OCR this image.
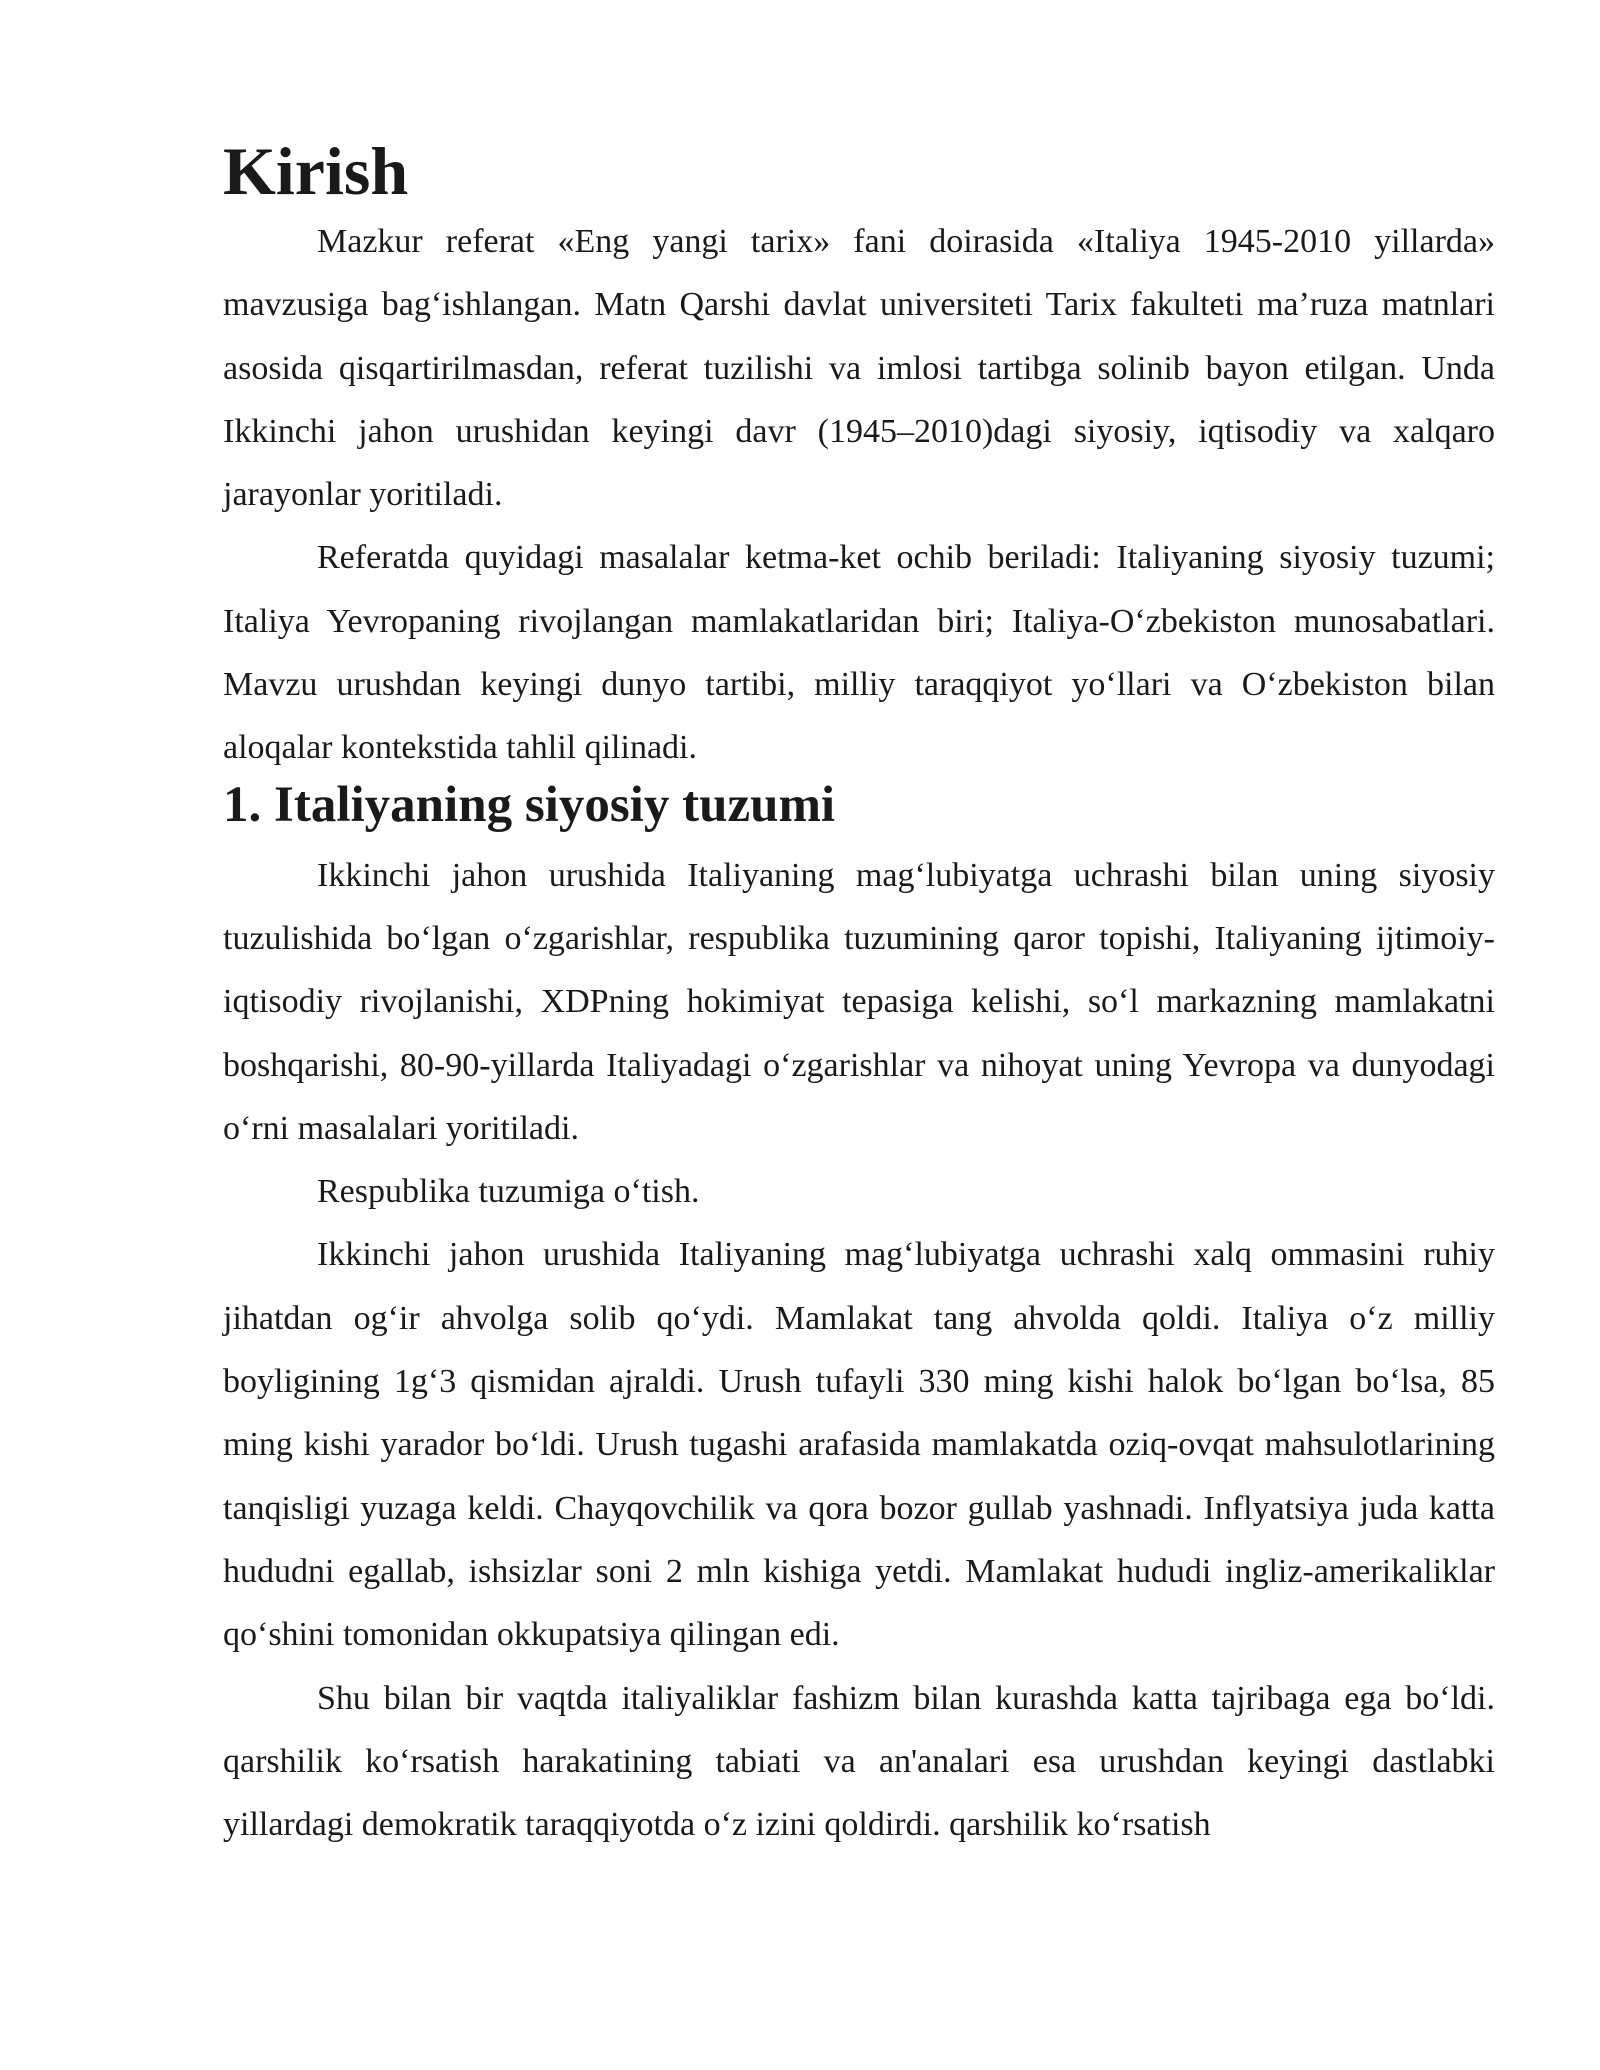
Kirish

Mazkur referat «Eng yangi tarix» fani doirasida «Italiya 1945-2010 yillarda» mavzusiga bag‘ishlangan. Matn Qarshi davlat universiteti Tarix fakulteti ma’ruza matnlari asosida qisqartirilmasdan, referat tuzilishi va imlosi tartibga solinib bayon etilgan. Unda Ikkinchi jahon urushidan keyingi davr (1945–2010)dagi siyosiy, iqtisodiy va xalqaro jarayonlar yoritiladi.

Referatda quyidagi masalalar ketma-ket ochib beriladi: Italiyaning siyosiy tuzumi; Italiya Yevropaning rivojlangan mamlakatlaridan biri; Italiya-O‘zbekiston munosabatlari. Mavzu urushdan keyingi dunyo tartibi, milliy taraqqiyot yo‘llari va O‘zbekiston bilan aloqalar kontekstida tahlil qilinadi.

1. Italiyaning siyosiy tuzumi

Ikkinchi jahon urushida Italiyaning mag‘lubiyatga uchrashi bilan uning siyosiy tuzulishida bo‘lgan o‘zgarishlar, respublika tuzumining qaror topishi, Italiyaning ijtimoiy-iqtisodiy rivojlanishi, XDPning hokimiyat tepasiga kelishi, so‘l markazning mamlakatni boshqarishi, 80-90-yillarda Italiyadagi o‘zgarishlar va nihoyat uning Yevropa va dunyodagi o‘rni masalalari yoritiladi.

Respublika tuzumiga o‘tish.

Ikkinchi jahon urushida Italiyaning mag‘lubiyatga uchrashi xalq ommasini ruhiy jihatdan og‘ir ahvolga solib qo‘ydi. Mamlakat tang ahvolda qoldi. Italiya o‘z milliy boyligining 1g‘3 qismidan ajraldi. Urush tufayli 330 ming kishi halok bo‘lgan bo‘lsa, 85 ming kishi yarador bo‘ldi. Urush tugashi arafasida mamlakatda oziq-ovqat mahsulotlarining tanqisligi yuzaga keldi. Chayqovchilik va qora bozor gullab yashnadi. Inflyatsiya juda katta hududni egallab, ishsizlar soni 2 mln kishiga yetdi. Mamlakat hududi ingliz-amerikaliklar qo‘shini tomonidan okkupatsiya qilingan edi.

Shu bilan bir vaqtda italiyaliklar fashizm bilan kurashda katta tajribaga ega bo‘ldi. qarshilik ko‘rsatish harakatining tabiati va an'analari esa urushdan keyingi dastlabki yillardagi demokratik taraqqiyotda o‘z izini qoldirdi. qarshilik ko‘rsatish
